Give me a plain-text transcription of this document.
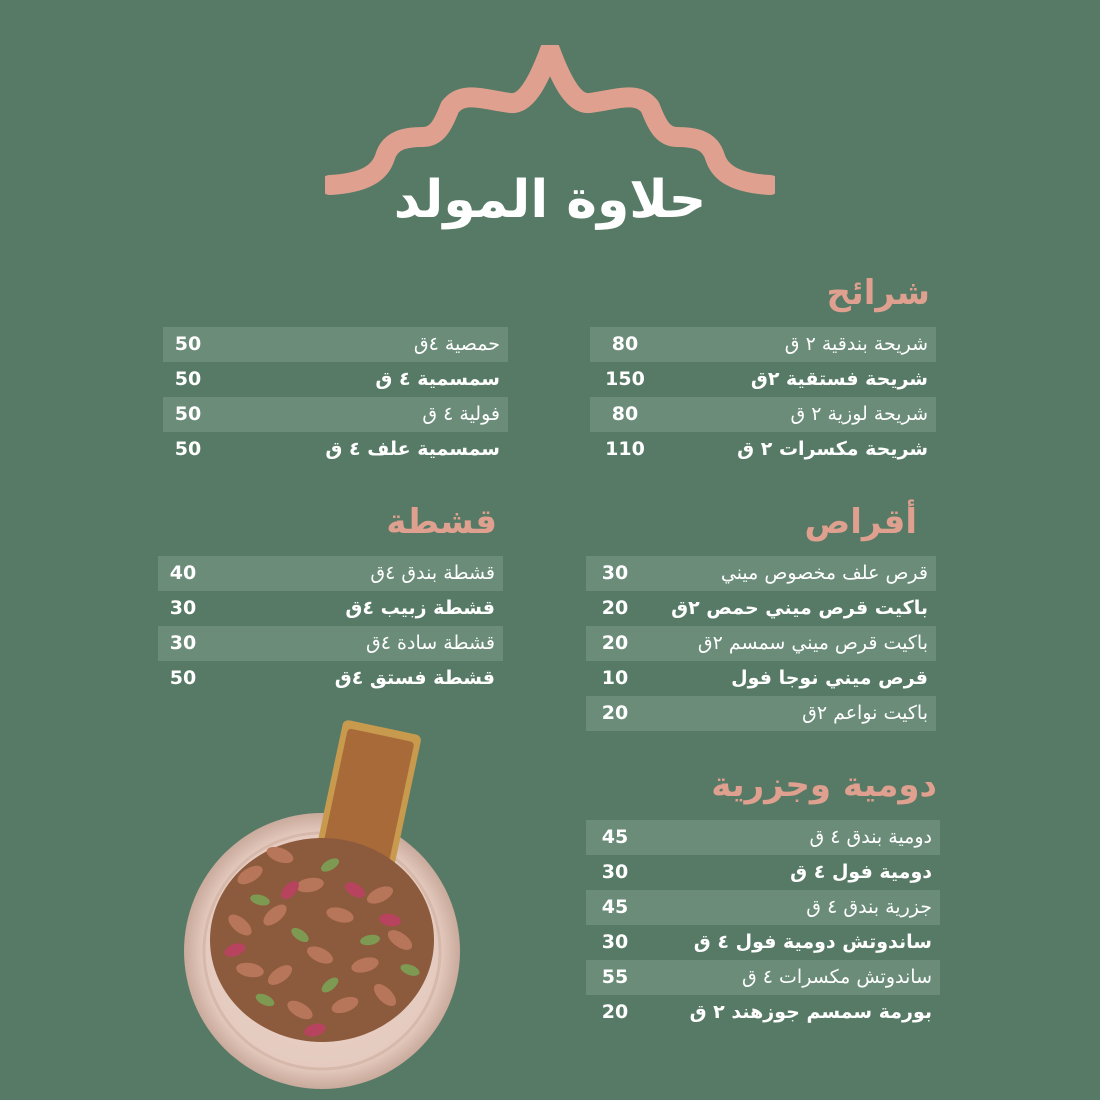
حلاوة المولد
شرائح
80	شريحة بندقية ٢ ق
150	شريحة فستقية ٢ق
80	شريحة لوزية ٢ ق
110	شريحة مكسرات ٢ ق
50	حمصية ٤ق
50	سمسمية ٤ ق
50	فولية ٤ ق
50	سمسمية علف ٤ ق
أقراص
30	قرص علف مخصوص ميني
20	باكيت قرص ميني حمص ٢ق
20	باكيت قرص ميني سمسم ٢ق
10	قرص ميني نوجا فول
20	باكيت نواعم ٢ق
قشطة
40	قشطة بندق ٤ق
30	قشطة زبيب ٤ق
30	قشطة سادة ٤ق
50	قشطة فستق ٤ق
دومية وجزرية
45	دومية بندق ٤ ق
30	دومية فول ٤ ق
45	جزرية بندق ٤ ق
30	ساندوتش دومية فول ٤ ق
55	ساندوتش مكسرات ٤ ق
20	بورمة سمسم جوزهند ٢ ق
